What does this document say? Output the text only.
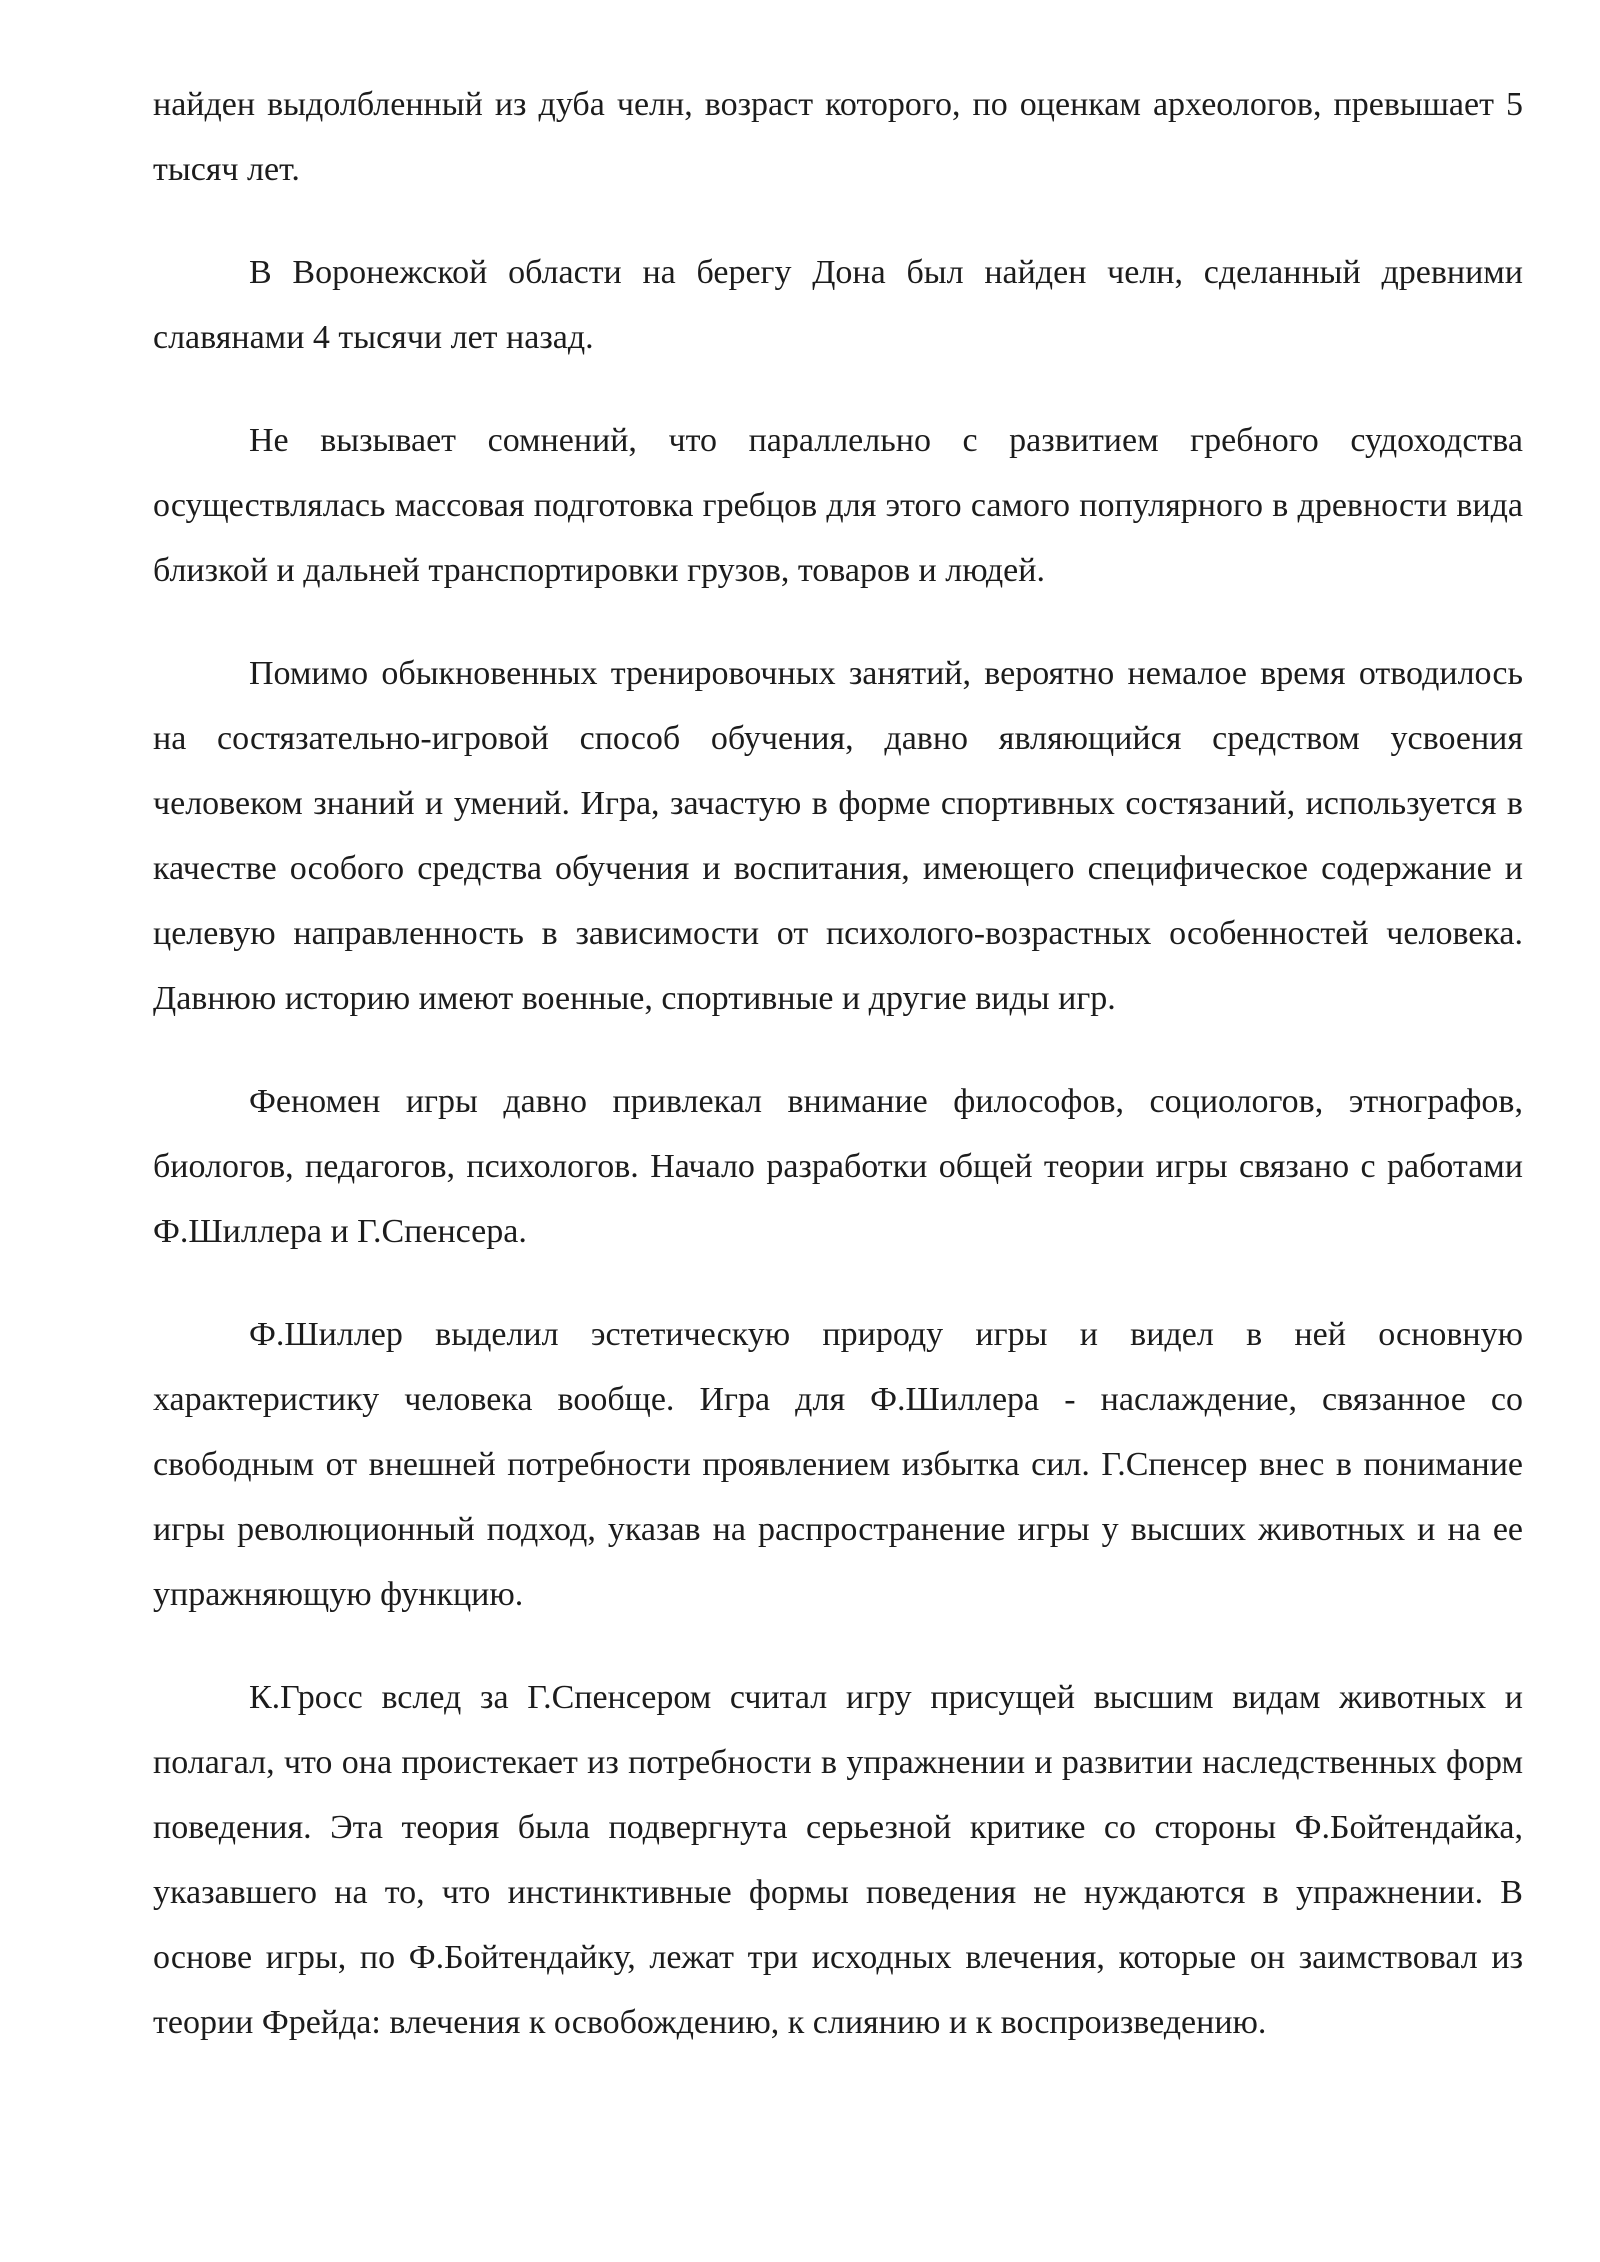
найден выдолбленный из дуба челн, возраст которого, по оценкам археологов, превышает 5 тысяч лет.

В Воронежской области на берегу Дона был найден челн, сделанный древними славянами 4 тысячи лет назад.

Не вызывает сомнений, что параллельно с развитием гребного судоходства осуществлялась массовая подготовка гребцов для этого самого популярного в древности вида близкой и дальней транспортировки грузов, товаров и людей.

Помимо обыкновенных тренировочных занятий, вероятно немалое время отводилось на состязательно-игровой способ обучения, давно являющийся средством усвоения человеком знаний и умений. Игра, зачастую в форме спортивных состязаний, используется в качестве особого средства обучения и воспитания, имеющего специфическое содержание и целевую направленность в зависимости от психолого-возрастных особенностей человека. Давнюю историю имеют военные, спортивные и другие виды игр.

Феномен игры давно привлекал внимание философов, социологов, этнографов, биологов, педагогов, психологов. Начало разработки общей теории игры связано с работами Ф.Шиллера и Г.Спенсера.

Ф.Шиллер выделил эстетическую природу игры и видел в ней основную характеристику человека вообще. Игра для Ф.Шиллера - наслаждение, связанное со свободным от внешней потребности проявлением избытка сил. Г.Спенсер внес в понимание игры революционный подход, указав на распространение игры у высших животных и на ее упражняющую функцию.

К.Гросс вслед за Г.Спенсером считал игру присущей высшим видам животных и полагал, что она проистекает из потребности в упражнении и развитии наследственных форм поведения. Эта теория была подвергнута серьезной критике со стороны Ф.Бойтендайка, указавшего на то, что инстинктивные формы поведения не нуждаются в упражнении. В основе игры, по Ф.Бойтендайку, лежат три исходных влечения, которые он заимствовал из теории Фрейда: влечения к освобождению, к слиянию и к воспроизведению.
